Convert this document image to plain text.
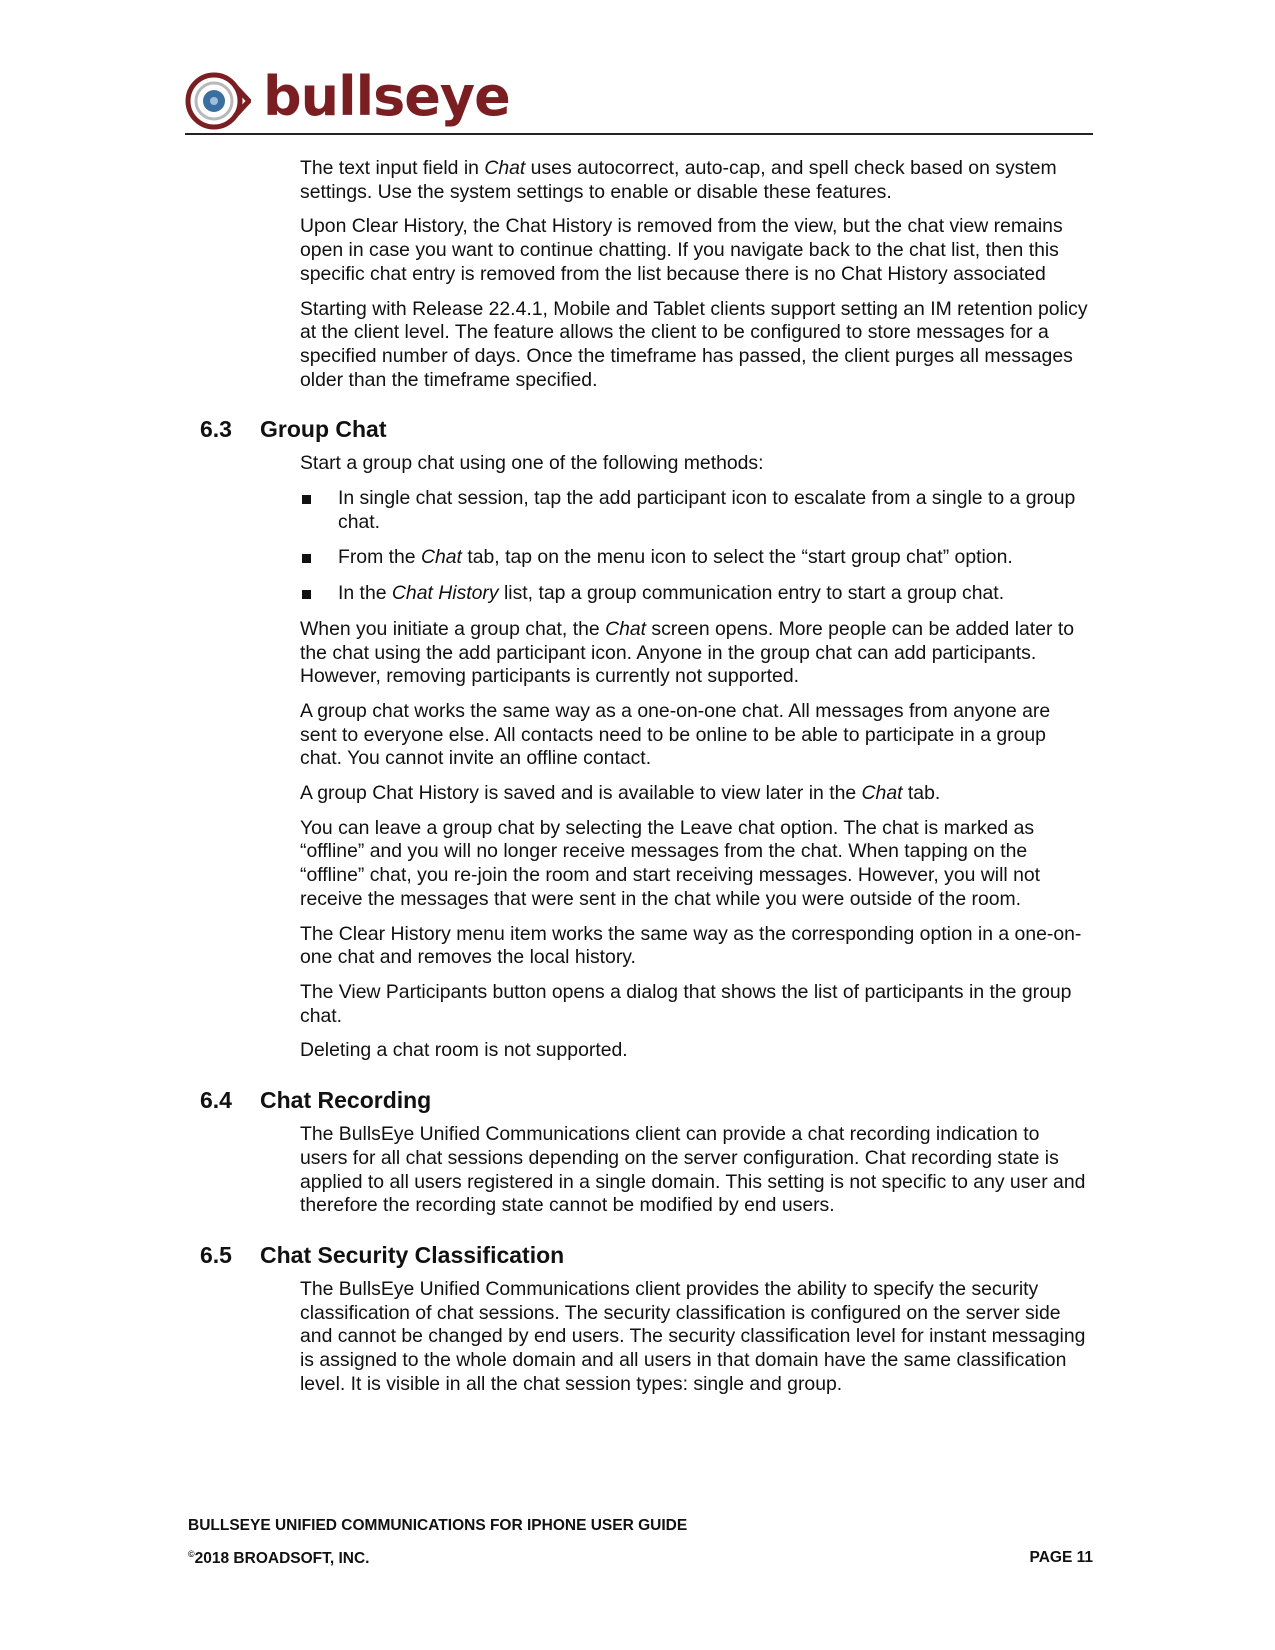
bullseye

The text input field in Chat uses autocorrect, auto-cap, and spell check based on system settings. Use the system settings to enable or disable these features.

Upon Clear History, the Chat History is removed from the view, but the chat view remains open in case you want to continue chatting. If you navigate back to the chat list, then this specific chat entry is removed from the list because there is no Chat History associated

Starting with Release 22.4.1, Mobile and Tablet clients support setting an IM retention policy at the client level. The feature allows the client to be configured to store messages for a specified number of days. Once the timeframe has passed, the client purges all messages older than the timeframe specified.

6.3	Group Chat

Start a group chat using one of the following methods:

In single chat session, tap the add participant icon to escalate from a single to a group chat.
From the Chat tab, tap on the menu icon to select the “start group chat” option.
In the Chat History list, tap a group communication entry to start a group chat.

When you initiate a group chat, the Chat screen opens. More people can be added later to the chat using the add participant icon. Anyone in the group chat can add participants. However, removing participants is currently not supported.

A group chat works the same way as a one-on-one chat. All messages from anyone are sent to everyone else. All contacts need to be online to be able to participate in a group chat. You cannot invite an offline contact.

A group Chat History is saved and is available to view later in the Chat tab.

You can leave a group chat by selecting the Leave chat option. The chat is marked as “offline” and you will no longer receive messages from the chat. When tapping on the “offline” chat, you re-join the room and start receiving messages. However, you will not receive the messages that were sent in the chat while you were outside of the room.

The Clear History menu item works the same way as the corresponding option in a one-on-one chat and removes the local history.

The View Participants button opens a dialog that shows the list of participants in the group chat.

Deleting a chat room is not supported.

6.4	Chat Recording

The BullsEye Unified Communications client can provide a chat recording indication to users for all chat sessions depending on the server configuration. Chat recording state is applied to all users registered in a single domain. This setting is not specific to any user and therefore the recording state cannot be modified by end users.

6.5	Chat Security Classification

The BullsEye Unified Communications client provides the ability to specify the security classification of chat sessions. The security classification is configured on the server side and cannot be changed by end users. The security classification level for instant messaging is assigned to the whole domain and all users in that domain have the same classification level. It is visible in all the chat session types: single and group.

BULLSEYE UNIFIED COMMUNICATIONS FOR IPHONE USER GUIDE
©2018 BROADSOFT, INC.	PAGE 11
